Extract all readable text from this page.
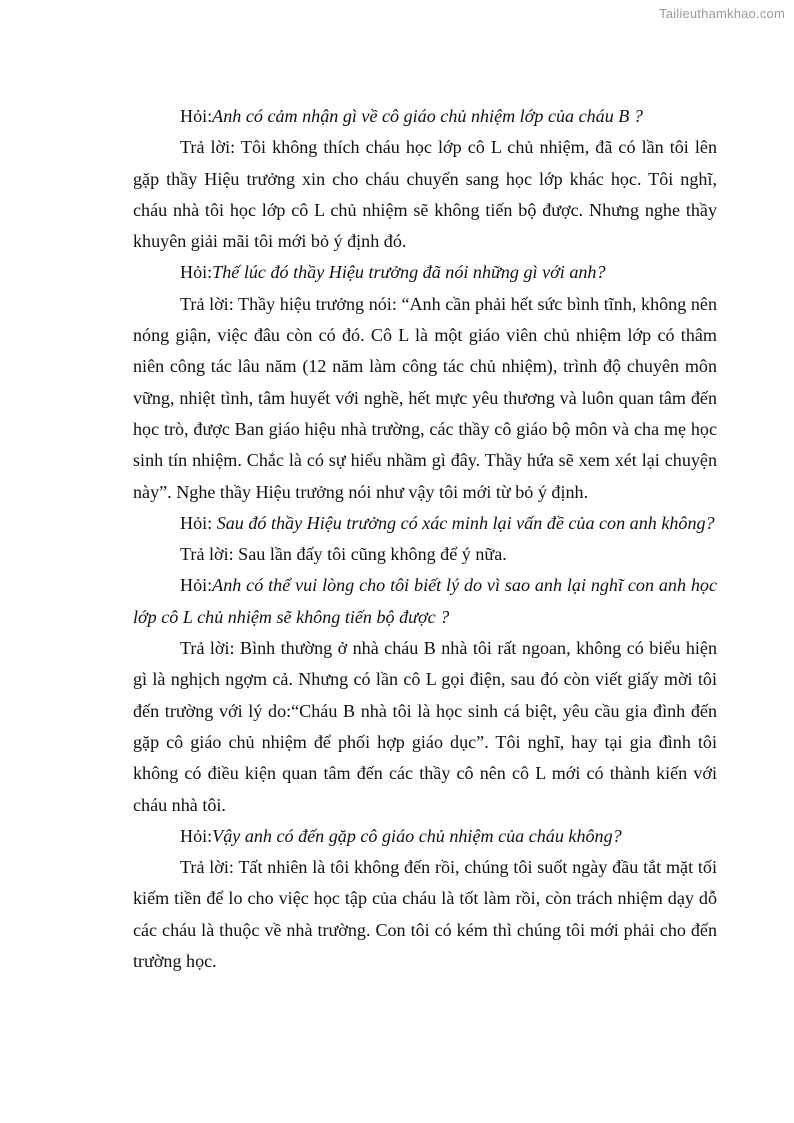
Tailieuthamkhao.com

Hỏi:Anh có cảm nhận gì về cô giáo chủ nhiệm lớp của cháu B ?

Trả lời: Tôi không thích cháu học lớp cô L chủ nhiệm, đã có lần tôi lên gặp thầy Hiệu trưởng xin cho cháu chuyển sang học lớp khác học. Tôi nghĩ, cháu nhà tôi học lớp cô L chủ nhiệm sẽ không tiến bộ được. Nhưng nghe thầy khuyên giải mãi tôi mới bỏ ý định đó.

Hỏi:Thế lúc đó thầy Hiệu trưởng đã nói những gì với anh?

Trả lời: Thầy hiệu trưởng nói: “Anh cần phải hết sức bình tĩnh, không nên nóng giận, việc đâu còn có đó. Cô L là một giáo viên chủ nhiệm lớp có thâm niên công tác lâu năm (12 năm làm công tác chủ nhiệm), trình độ chuyên môn vững, nhiệt tình, tâm huyết với nghề, hết mực yêu thương và luôn quan tâm đến học trò, được Ban giáo hiệu nhà trường, các thầy cô giáo bộ môn và cha mẹ học sinh tín nhiệm. Chắc là có sự hiểu nhầm gì đây. Thầy hứa sẽ xem xét lại chuyện này”. Nghe thầy Hiệu trưởng nói như vậy tôi mới từ bỏ ý định.

Hỏi: Sau đó thầy Hiệu trưởng có xác minh lại vấn đề của con anh không?

Trả lời: Sau lần đấy tôi cũng không để ý nữa.

Hỏi:Anh có thể vui lòng cho tôi biết lý do vì sao anh lại nghĩ con anh học lớp cô L chủ nhiệm sẽ không tiến bộ được ?

Trả lời: Bình thường ở nhà cháu B nhà tôi rất ngoan, không có biểu hiện gì là nghịch ngợm cả. Nhưng có lần cô L gọi điện, sau đó còn viết giấy mời tôi đến trường với lý do:“Cháu B nhà tôi là học sinh cá biệt, yêu cầu gia đình đến gặp cô giáo chủ nhiệm để phối hợp giáo dục”. Tôi nghĩ, hay tại gia đình tôi không có điều kiện quan tâm đến các thầy cô nên cô L mới có thành kiến với cháu nhà tôi.

Hỏi:Vậy anh có đến gặp cô giáo chủ nhiệm của cháu không?

Trả lời: Tất nhiên là tôi không đến rồi, chúng tôi suốt ngày đầu tắt mặt tối kiếm tiền để lo cho việc học tập của cháu là tốt làm rồi, còn trách nhiệm dạy dỗ các cháu là thuộc về nhà trường. Con tôi có kém thì chúng tôi mới phải cho đến trường học.
